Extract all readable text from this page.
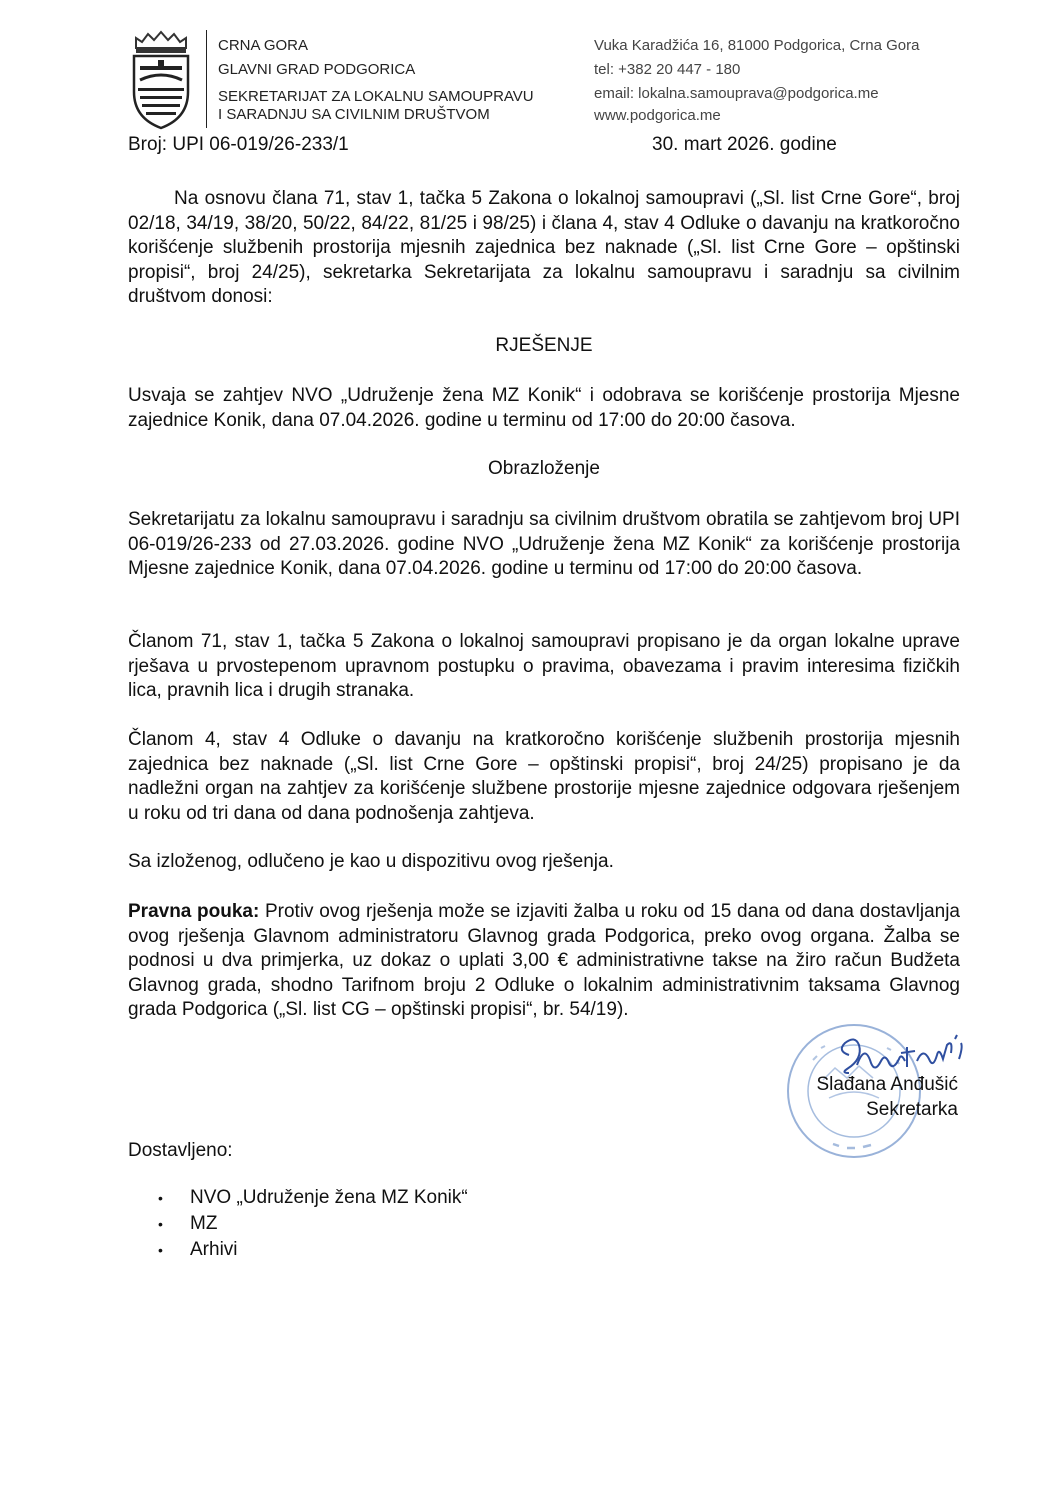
CRNA GORA
GLAVNI GRAD PODGORICA
SEKRETARIJAT ZA LOKALNU SAMOUPRAVU
I SARADNJU SA CIVILNIM DRUŠTVOM
Vuka Karadžića 16, 81000 Podgorica, Crna Gora
tel: +382 20 447 - 180
email: lokalna.samouprava@podgorica.me
www.podgorica.me
Broj: UPI 06-019/26-233/1	30. mart 2026. godine
Na osnovu člana 71, stav 1, tačka 5 Zakona o lokalnoj samoupravi („Sl. list Crne Gore“, broj 02/18, 34/19, 38/20, 50/22, 84/22, 81/25 i 98/25) i člana 4, stav 4 Odluke o davanju na kratkoročno korišćenje službenih prostorija mjesnih zajednica bez naknade („Sl. list Crne Gore – opštinski propisi“, broj 24/25), sekretarka Sekretarijata za lokalnu samoupravu i saradnju sa civilnim društvom donosi:
RJEŠENJE
Usvaja se zahtjev NVO „Udruženje žena MZ Konik“ i odobrava se korišćenje prostorija Mjesne zajednice Konik, dana 07.04.2026. godine u terminu od 17:00 do 20:00 časova.
Obrazloženje
Sekretarijatu za lokalnu samoupravu i saradnju sa civilnim društvom obratila se zahtjevom broj UPI 06-019/26-233 od 27.03.2026. godine NVO „Udruženje žena MZ Konik“ za korišćenje prostorija Mjesne zajednice Konik, dana 07.04.2026. godine u terminu od 17:00 do 20:00 časova.
Članom 71, stav 1, tačka 5 Zakona o lokalnoj samoupravi propisano je da organ lokalne uprave rješava u prvostepenom upravnom postupku o pravima, obavezama i pravim interesima fizičkih lica, pravnih lica i drugih stranaka.
Članom 4, stav 4 Odluke o davanju na kratkoročno korišćenje službenih prostorija mjesnih zajednica bez naknade („Sl. list Crne Gore – opštinski propisi“, broj 24/25) propisano je da nadležni organ na zahtjev za korišćenje službene prostorije mjesne zajednice odgovara rješenjem u roku od tri dana od dana podnošenja zahtjeva.
Sa izloženog, odlučeno je kao u dispozitivu ovog rješenja.
Pravna pouka: Protiv ovog rješenja može se izjaviti žalba u roku od 15 dana od dana dostavljanja ovog rješenja Glavnom administratoru Glavnog grada Podgorica, preko ovog organa. Žalba se podnosi u dva primjerka, uz dokaz o uplati 3,00 € administrativne takse na žiro račun Budžeta Glavnog grada, shodno Tarifnom broju 2 Odluke o lokalnim administrativnim taksama Glavnog grada Podgorica („Sl. list CG – opštinski propisi“, br. 54/19).
Slađana Anđušić
Sekretarka
Dostavljeno:
• NVO „Udruženje žena MZ Konik“
• MZ
• Arhivi
